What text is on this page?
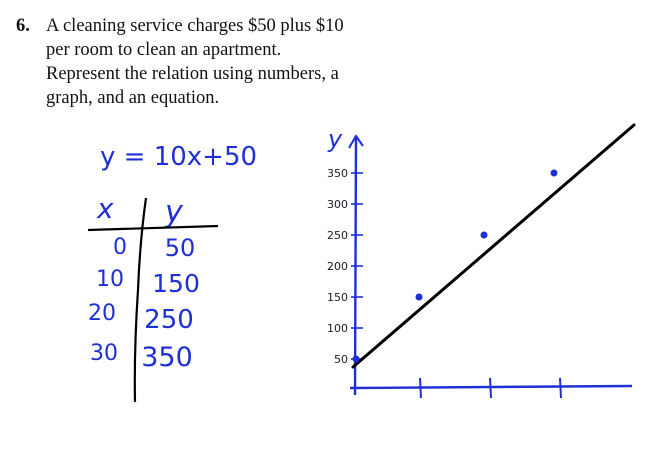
6. A cleaning service charges $50 plus $10
per room to clean an apartment.
Represent the relation using numbers, a
graph, and an equation.
y = 10x+50
x y
0 50
10 150
20 250
30 350
y
50
100
150
200
250
300
350
